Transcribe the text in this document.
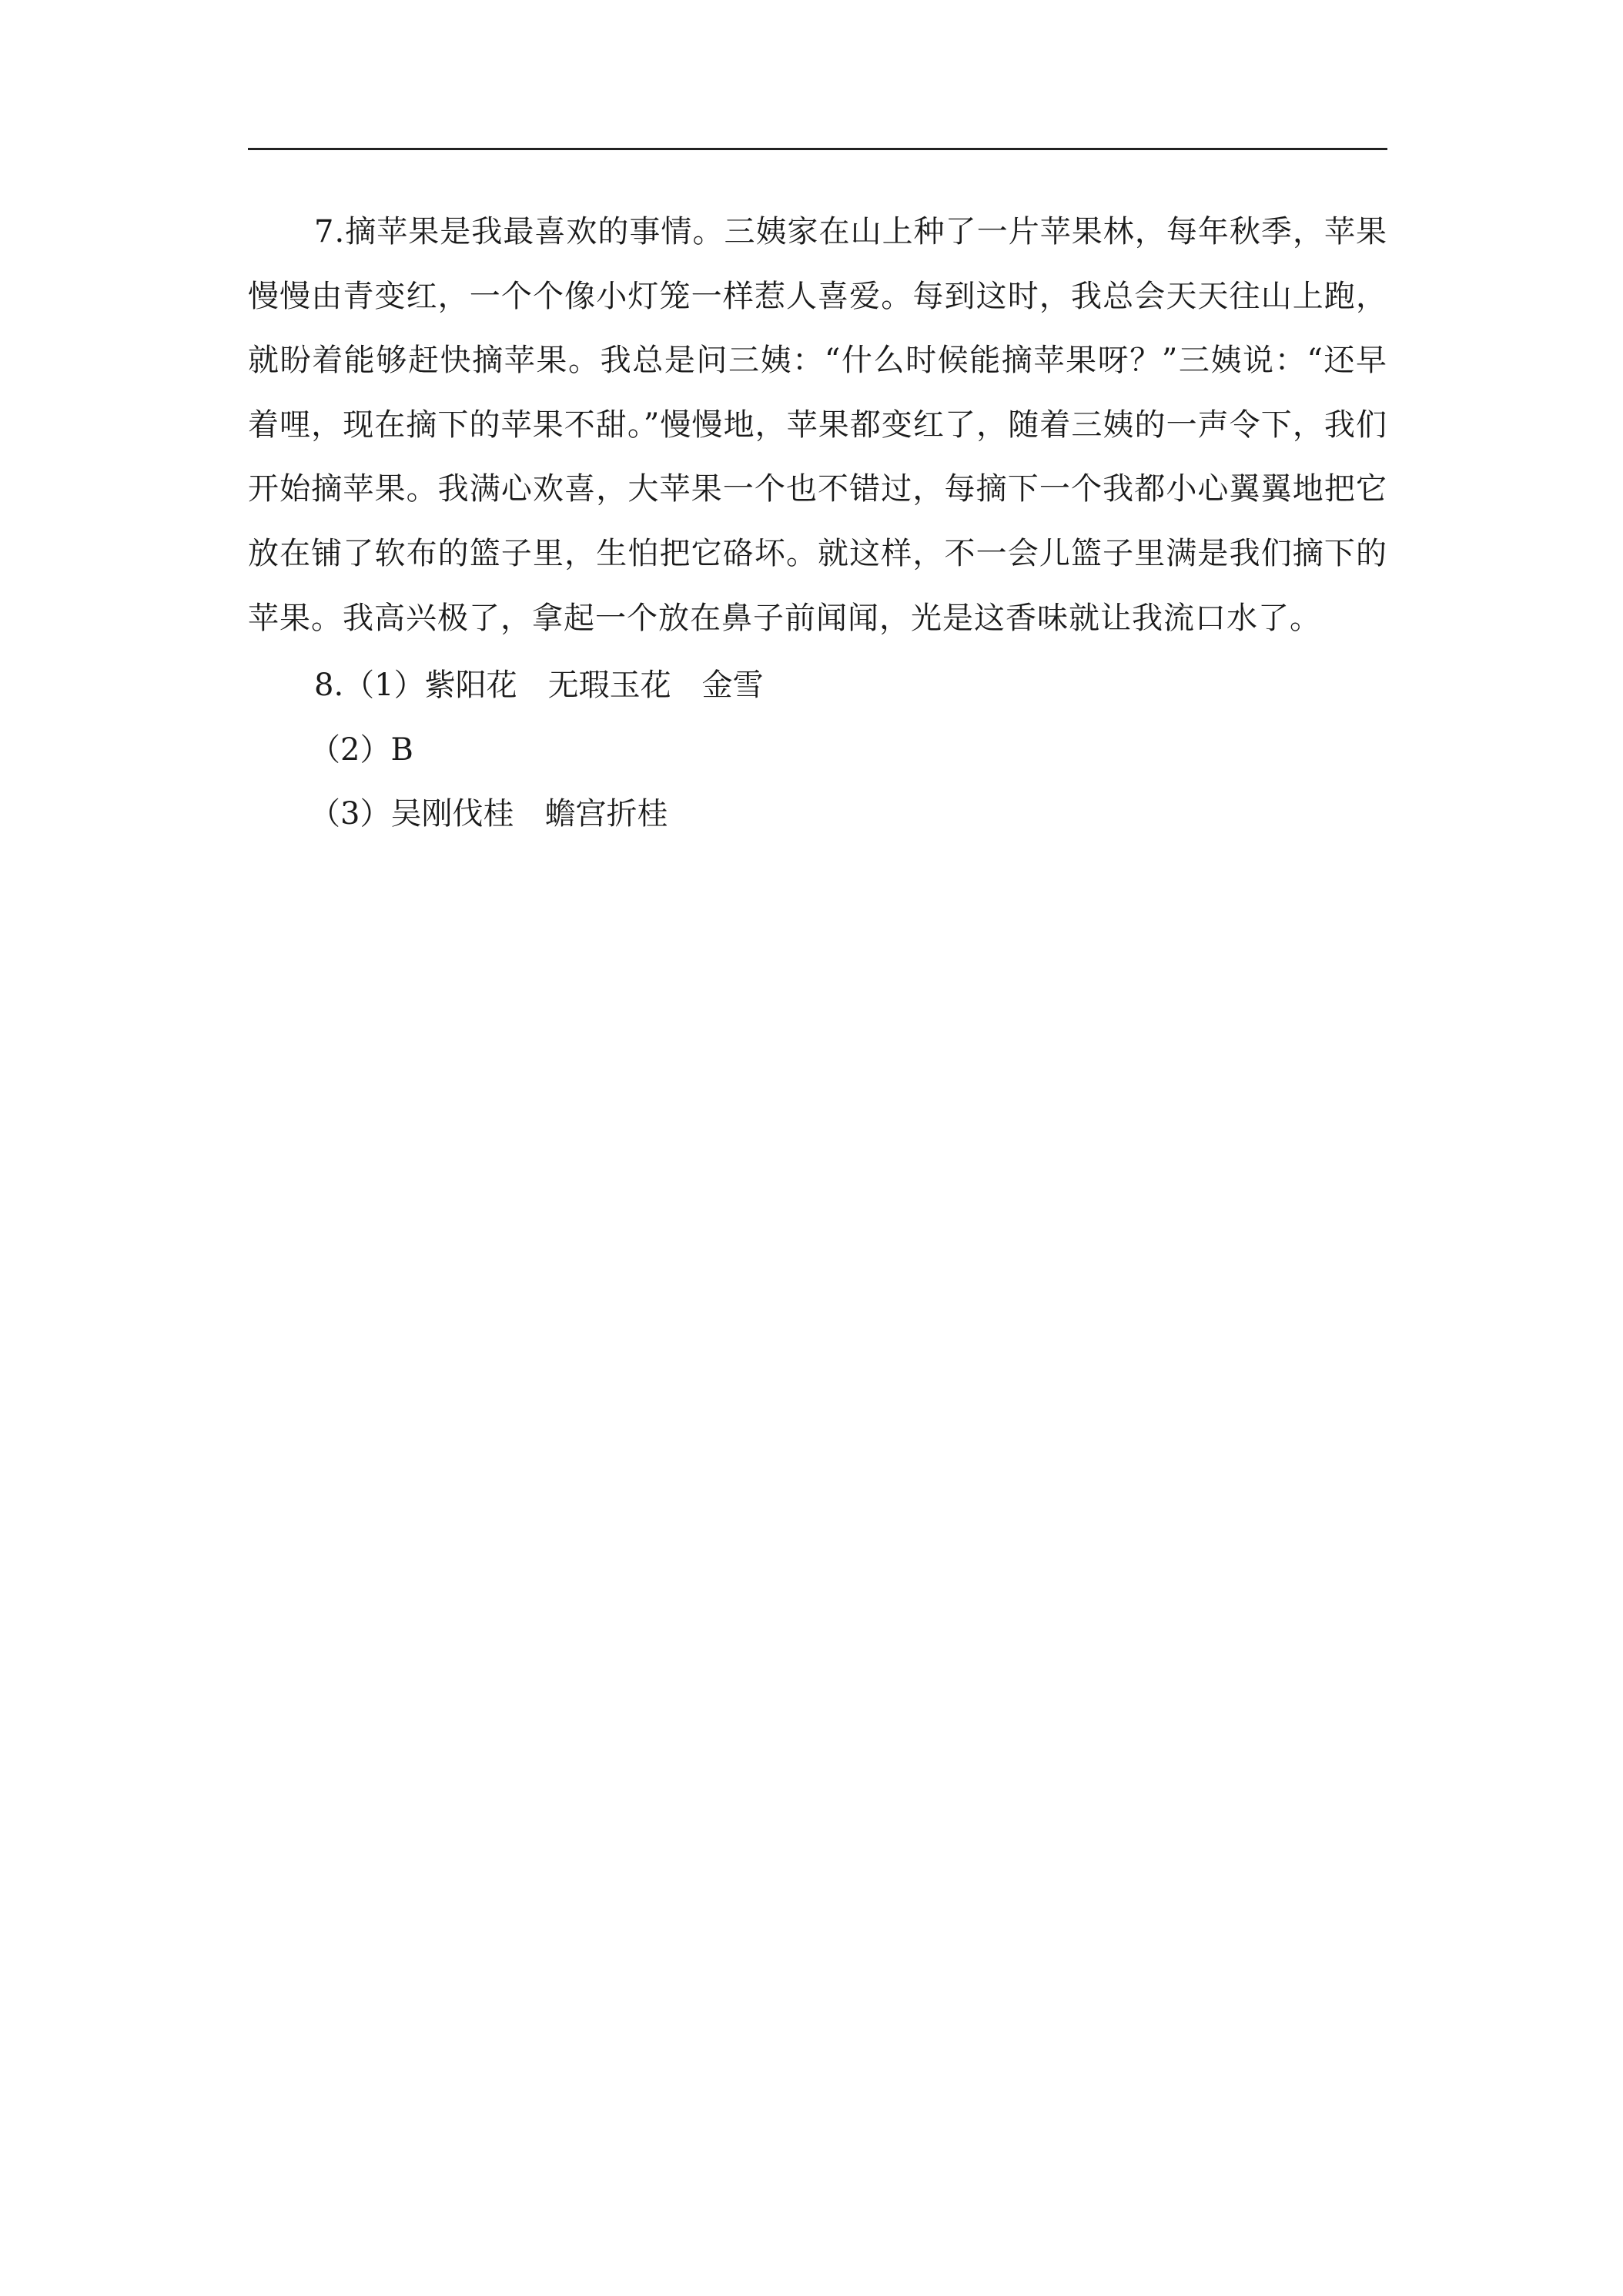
7.摘苹果是我最喜欢的事情。三姨家在山上种了一片苹果林，每年秋季，苹果慢慢由青变红，一个个像小灯笼一样惹人喜爱。每到这时，我总会天天往山上跑，就盼着能够赶快摘苹果。我总是问三姨：“什么时候能摘苹果呀？”三姨说：“还早着哩，现在摘下的苹果不甜。”慢慢地，苹果都变红了，随着三姨的一声令下，我们开始摘苹果。我满心欢喜，大苹果一个也不错过，每摘下一个我都小心翼翼地把它放在铺了软布的篮子里，生怕把它硌坏。就这样，不一会儿篮子里满是我们摘下的苹果。我高兴极了，拿起一个放在鼻子前闻闻，光是这香味就让我流口水了。

8.（1）紫阳花　无瑕玉花　金雪

（2）B

（3）吴刚伐桂　蟾宫折桂
